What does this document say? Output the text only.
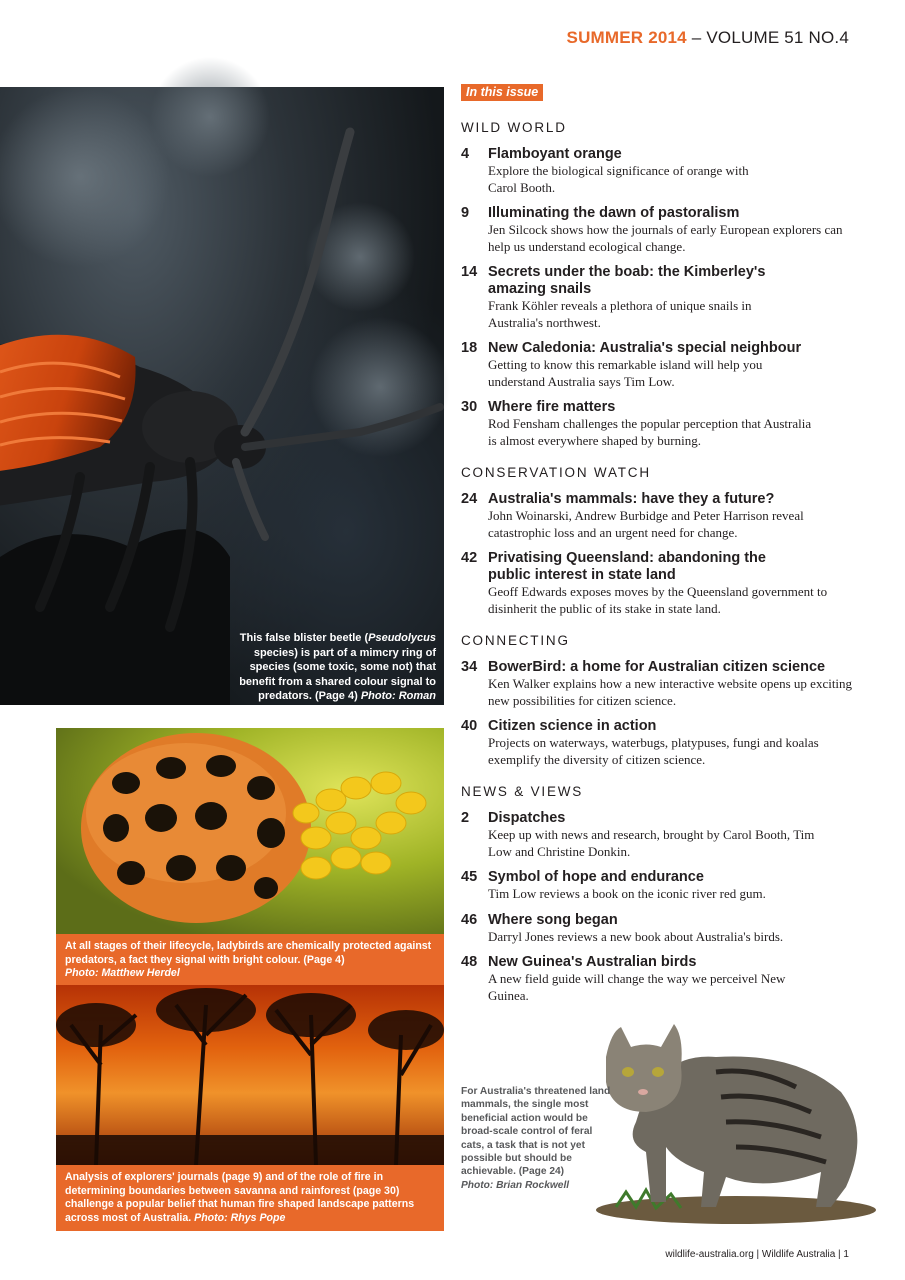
SUMMER 2014 – VOLUME 51 NO.4
This false blister beetle (Pseudolycus species) is part of a mimcry ring of species (some toxic, some not) that benefit from a shared colour signal to predators. (Page 4) Photo: Roman Sandoz
At all stages of their lifecycle, ladybirds are chemically protected against predators, a fact they signal with bright colour. (Page 4)
Photo: Matthew Herdel
Analysis of explorers' journals (page 9) and of the role of fire in determining boundaries between savanna and rainforest (page 30) challenge a popular belief that human fire shaped landscape patterns across most of Australia. Photo: Rhys Pope
For Australia's threatened land mammals, the single most beneficial action would be broad-scale control of feral cats, a task that is not yet possible but should be achievable. (Page 24)
Photo: Brian Rockwell
In this issue
WILD WORLD
4	Flamboyant orange
Explore the biological significance of orange with Carol Booth.
9	Illuminating the dawn of pastoralism
Jen Silcock shows how the journals of early European explorers can help us understand ecological change.
14 Secrets under the boab: the Kimberley's amazing snails
Frank Köhler reveals a plethora of unique snails in Australia's northwest.
18 New Caledonia: Australia's special neighbour
Getting to know this remarkable island will help you understand Australia says Tim Low.
30 Where fire matters
Rod Fensham challenges the popular perception that Australia is almost everywhere shaped by burning.
CONSERVATION WATCH
24 Australia's mammals: have they a future?
John Woinarski, Andrew Burbidge and Peter Harrison reveal catastrophic loss and an urgent need for change.
42 Privatising Queensland: abandoning the public interest in state land
Geoff Edwards exposes moves by the Queensland government to disinherit the public of its stake in state land.
CONNECTING
34 BowerBird: a home for Australian citizen science
Ken Walker explains how a new interactive website opens up exciting new possibilities for citizen science.
40 Citizen science in action
Projects on waterways, waterbugs, platypuses, fungi and koalas exemplify the diversity of citizen science.
NEWS & VIEWS
2	Dispatches
Keep up with news and research, brought by Carol Booth, Tim Low and Christine Donkin.
45 Symbol of hope and endurance
Tim Low reviews a book on the iconic river red gum.
46 Where song began
Darryl Jones reviews a new book about Australia's birds.
48 New Guinea's Australian birds
A new field guide will change the way we perceivel New Guinea.
wildlife-australia.org | Wildlife Australia | 1
